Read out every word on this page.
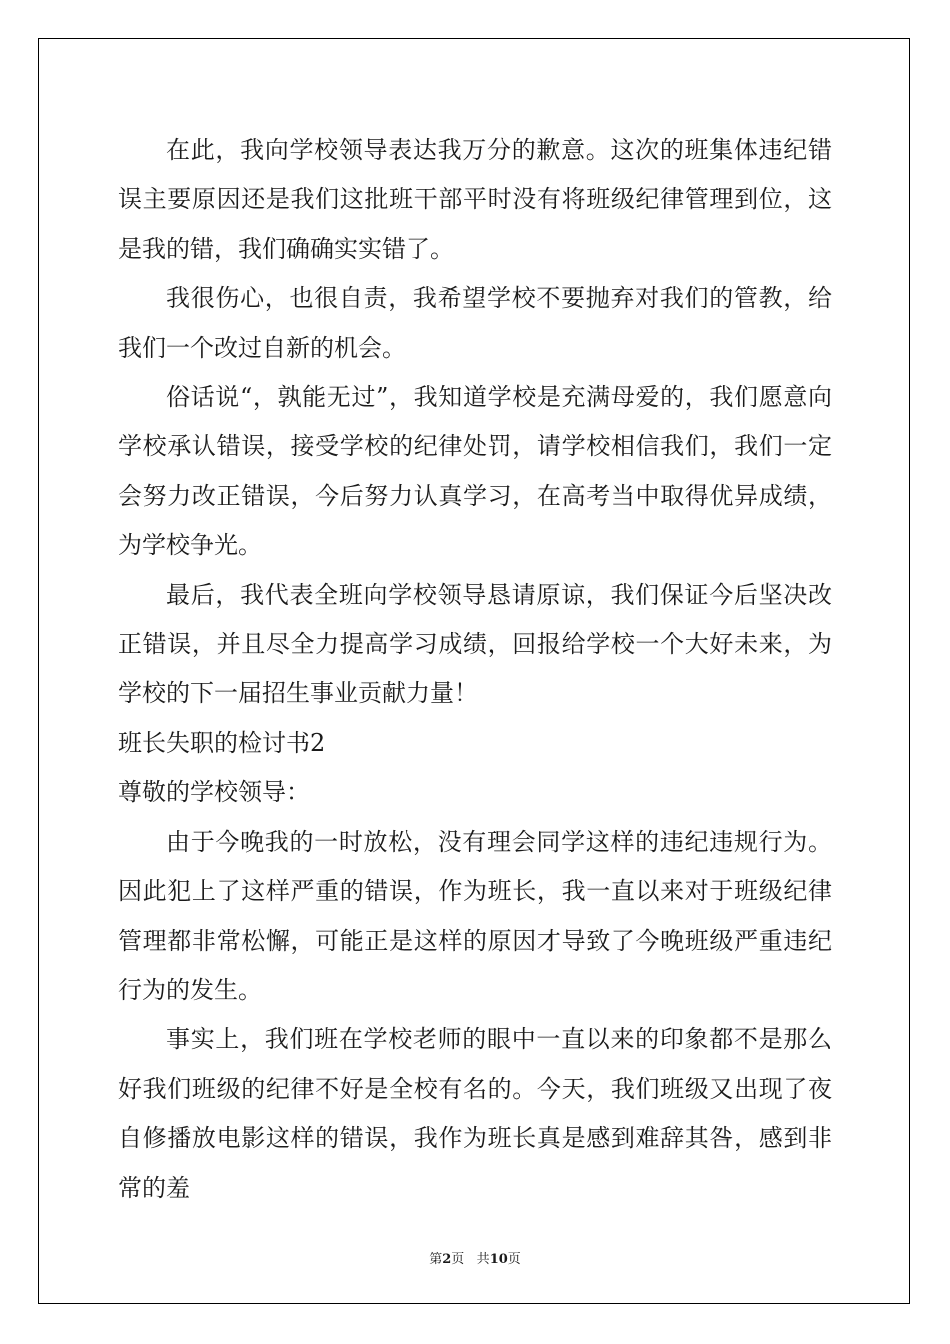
在此，我向学校领导表达我万分的歉意。这次的班集体违纪错误主要原因还是我们这批班干部平时没有将班级纪律管理到位，这是我的错，我们确确实实错了。

我很伤心，也很自责，我希望学校不要抛弃对我们的管教，给我们一个改过自新的机会。

俗话说“，孰能无过”，我知道学校是充满母爱的，我们愿意向学校承认错误，接受学校的纪律处罚，请学校相信我们，我们一定会努力改正错误，今后努力认真学习，在高考当中取得优异成绩，为学校争光。

最后，我代表全班向学校领导恳请原谅，我们保证今后坚决改正错误，并且尽全力提高学习成绩，回报给学校一个大好未来，为学校的下一届招生事业贡献力量！

班长失职的检讨书2

尊敬的学校领导：

由于今晚我的一时放松，没有理会同学这样的违纪违规行为。因此犯上了这样严重的错误，作为班长，我一直以来对于班级纪律管理都非常松懈，可能正是这样的原因才导致了今晚班级严重违纪行为的发生。

事实上，我们班在学校老师的眼中一直以来的印象都不是那么好我们班级的纪律不好是全校有名的。今天，我们班级又出现了夜自修播放电影这样的错误，我作为班长真是感到难辞其咎，感到非常的羞

第2页 共10页
